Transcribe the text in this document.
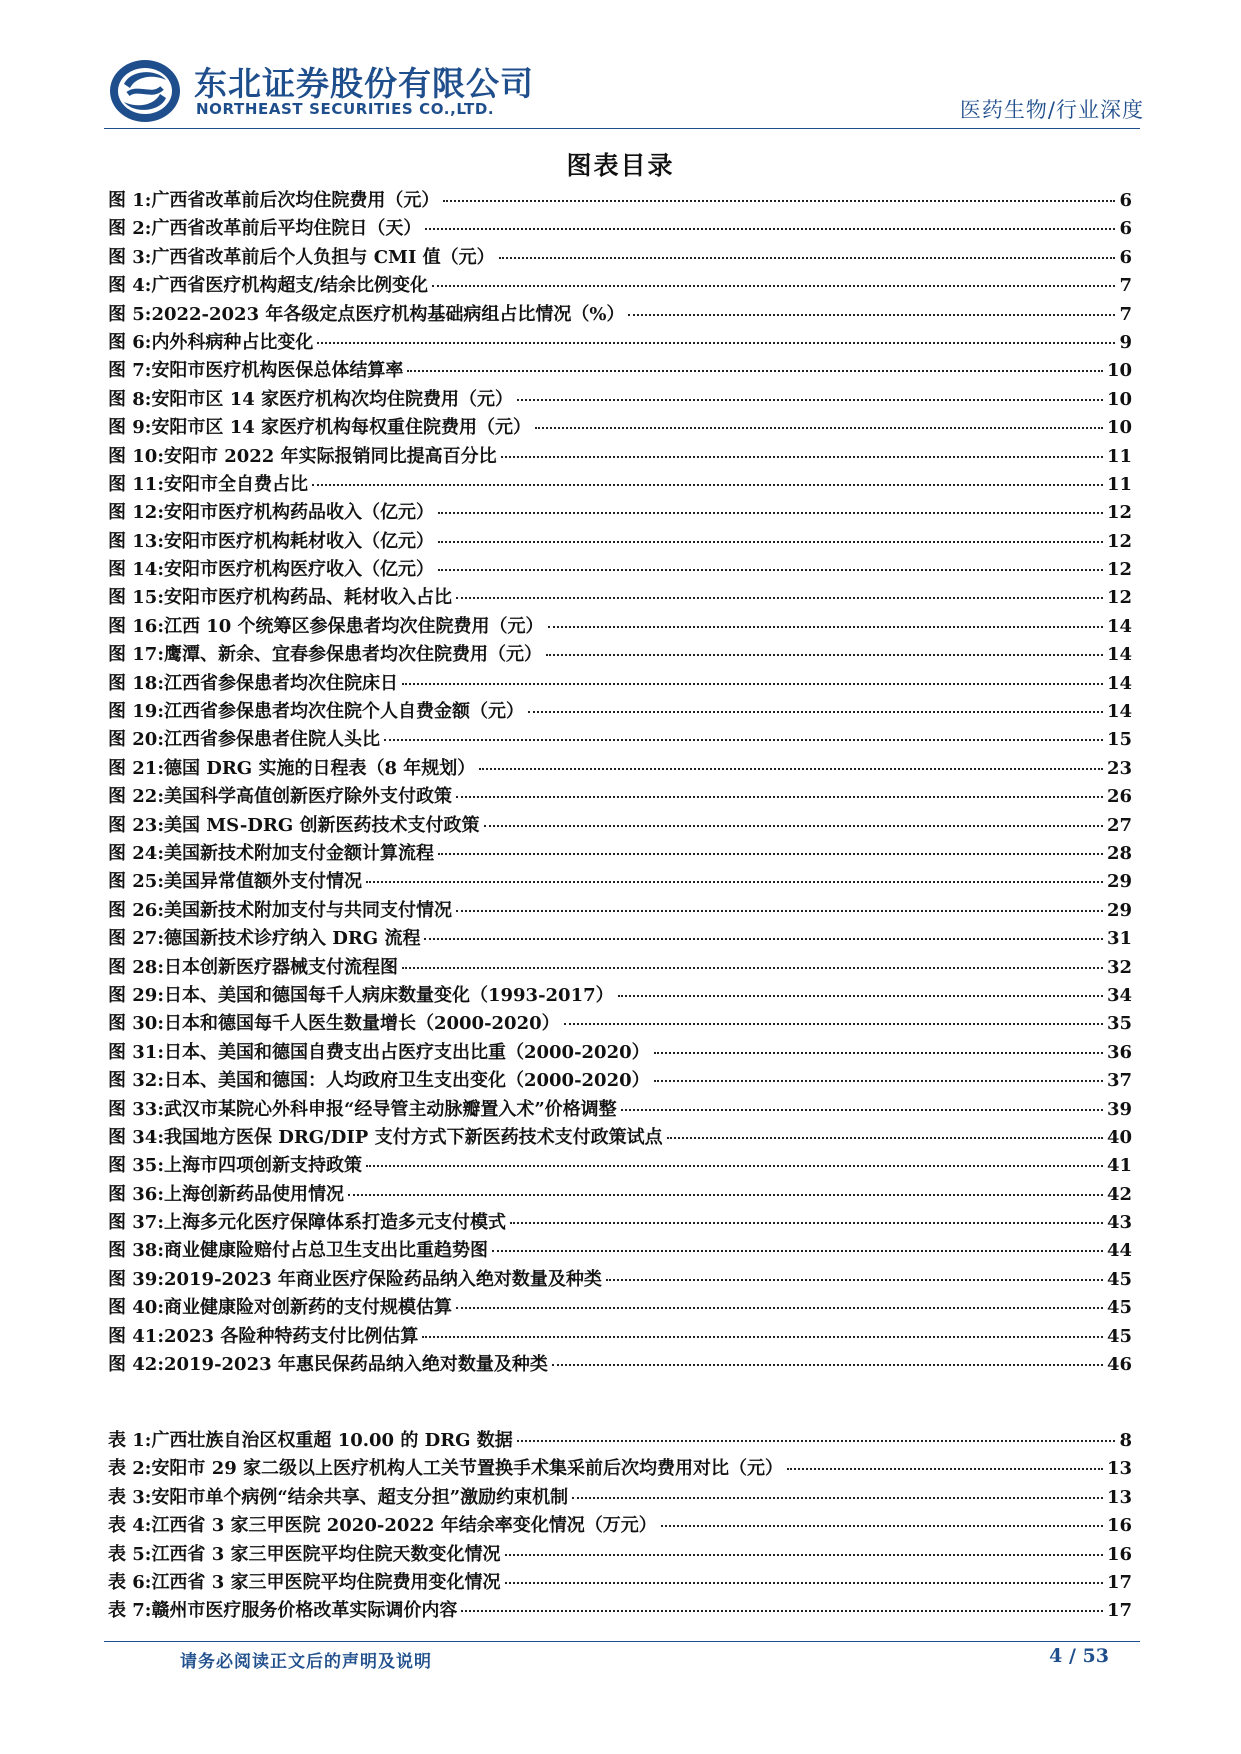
东北证券股份有限公司
NORTHEAST SECURITIES CO.,LTD.	医药生物/行业深度
图表目录
图 1: 广西省改革前后次均住院费用（元）	6
图 2: 广西省改革前后平均住院日（天）	6
图 3: 广西省改革前后个人负担与 CMI 值（元）	6
图 4: 广西省医疗机构超支/结余比例变化	7
图 5: 2022-2023 年各级定点医疗机构基础病组占比情况（%）	7
图 6: 内外科病种占比变化	9
图 7: 安阳市医疗机构医保总体结算率	10
图 8: 安阳市区 14 家医疗机构次均住院费用（元）	10
图 9: 安阳市区 14 家医疗机构每权重住院费用（元）	10
图 10: 安阳市 2022 年实际报销同比提高百分比	11
图 11: 安阳市全自费占比	11
图 12: 安阳市医疗机构药品收入（亿元）	12
图 13: 安阳市医疗机构耗材收入（亿元）	12
图 14: 安阳市医疗机构医疗收入（亿元）	12
图 15: 安阳市医疗机构药品、耗材收入占比	12
图 16: 江西 10 个统筹区参保患者均次住院费用（元）	14
图 17: 鹰潭、新余、宜春参保患者均次住院费用（元）	14
图 18: 江西省参保患者均次住院床日	14
图 19: 江西省参保患者均次住院个人自费金额（元）	14
图 20: 江西省参保患者住院人头比	15
图 21: 德国 DRG 实施的日程表（8 年规划）	23
图 22: 美国科学高值创新医疗除外支付政策	26
图 23: 美国 MS-DRG 创新医药技术支付政策	27
图 24: 美国新技术附加支付金额计算流程	28
图 25: 美国异常值额外支付情况	29
图 26: 美国新技术附加支付与共同支付情况	29
图 27: 德国新技术诊疗纳入 DRG 流程	31
图 28: 日本创新医疗器械支付流程图	32
图 29: 日本、美国和德国每千人病床数量变化（1993-2017）	34
图 30: 日本和德国每千人医生数量增长（2000-2020）	35
图 31: 日本、美国和德国自费支出占医疗支出比重（2000-2020）	36
图 32: 日本、美国和德国：人均政府卫生支出变化（2000-2020）	37
图 33: 武汉市某院心外科申报“经导管主动脉瓣置入术”价格调整	39
图 34: 我国地方医保 DRG/DIP 支付方式下新医药技术支付政策试点	40
图 35: 上海市四项创新支持政策	41
图 36: 上海创新药品使用情况	42
图 37: 上海多元化医疗保障体系打造多元支付模式	43
图 38: 商业健康险赔付占总卫生支出比重趋势图	44
图 39: 2019-2023 年商业医疗保险药品纳入绝对数量及种类	45
图 40: 商业健康险对创新药的支付规模估算	45
图 41: 2023 各险种特药支付比例估算	45
图 42: 2019-2023 年惠民保药品纳入绝对数量及种类	46
表 1: 广西壮族自治区权重超 10.00 的 DRG 数据	8
表 2: 安阳市 29 家二级以上医疗机构人工关节置换手术集采前后次均费用对比（元）	13
表 3: 安阳市单个病例“结余共享、超支分担”激励约束机制	13
表 4: 江西省 3 家三甲医院 2020-2022 年结余率变化情况（万元）	16
表 5: 江西省 3 家三甲医院平均住院天数变化情况	16
表 6: 江西省 3 家三甲医院平均住院费用变化情况	17
表 7: 赣州市医疗服务价格改革实际调价内容	17
请务必阅读正文后的声明及说明	4 / 53
